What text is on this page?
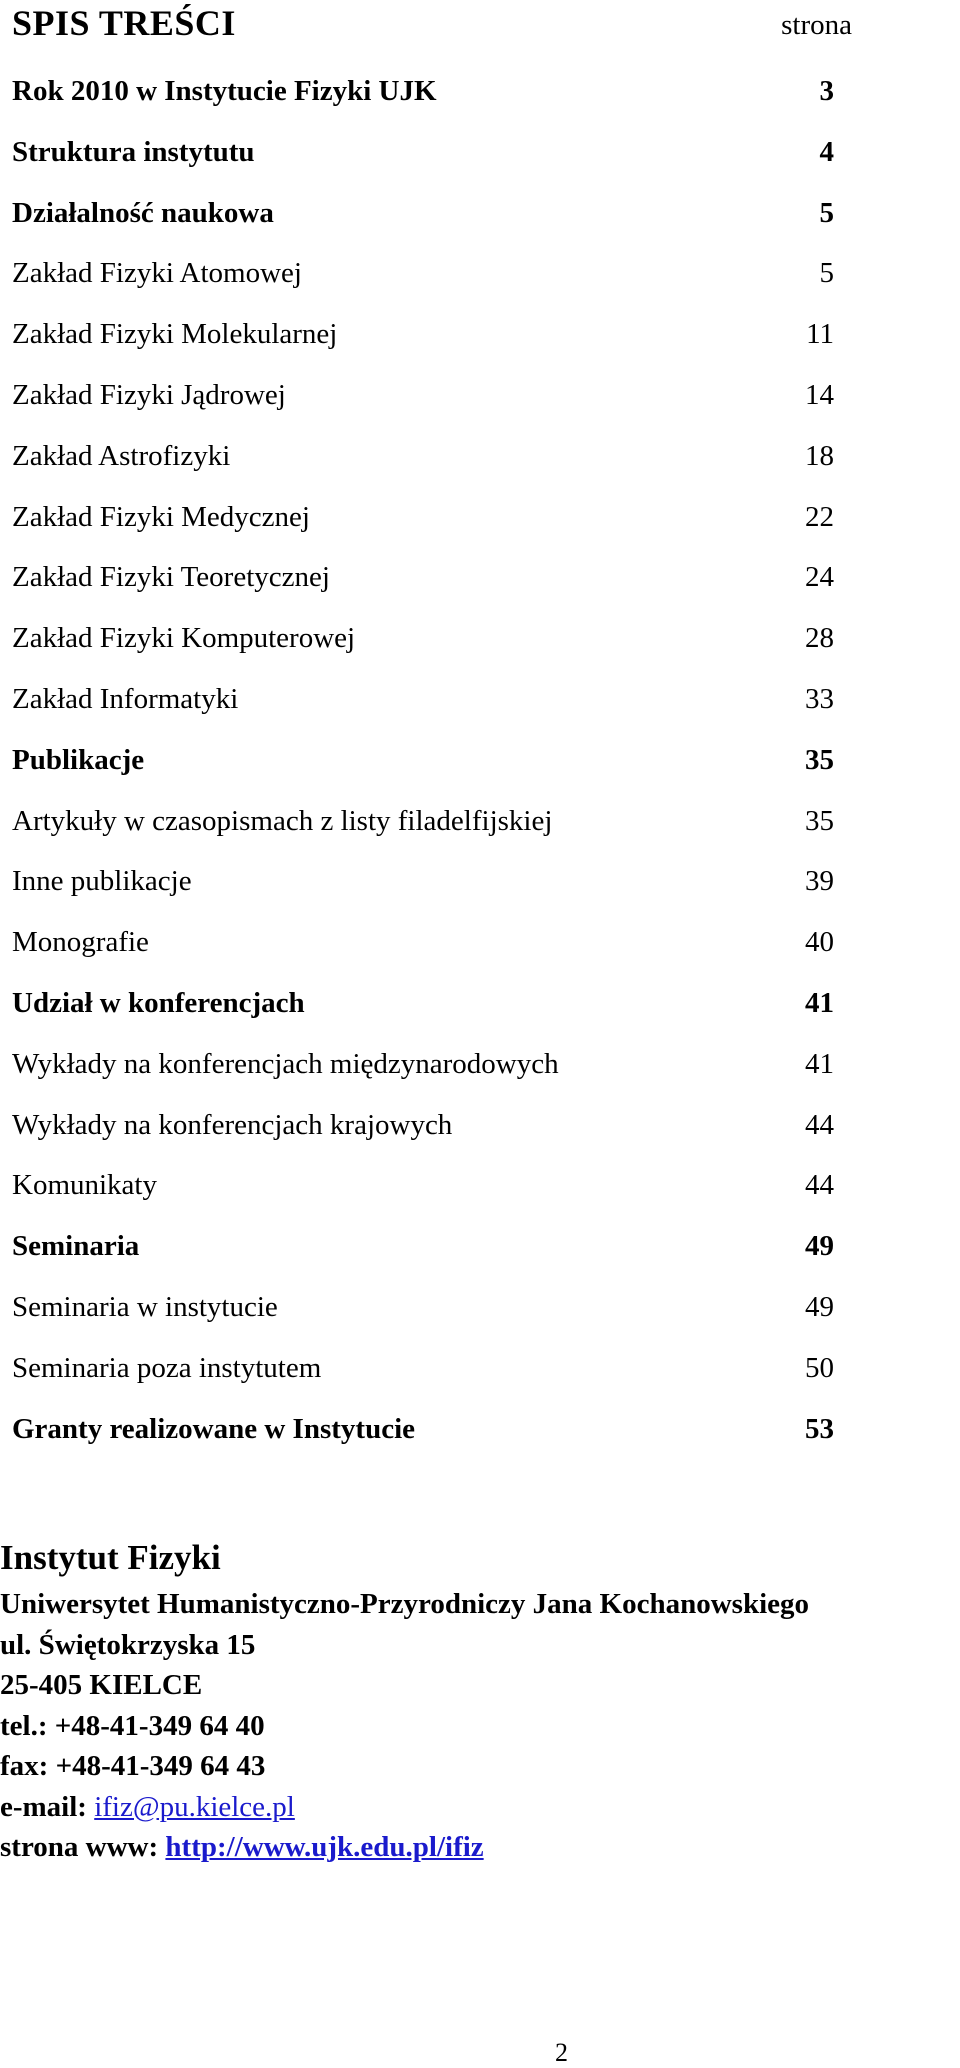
SPIS TREŚCI	strona
Rok 2010 w Instytucie Fizyki UJK	3
Struktura instytutu	4
Działalność naukowa	5
Zakład Fizyki Atomowej	5
Zakład Fizyki Molekularnej	11
Zakład Fizyki Jądrowej	14
Zakład Astrofizyki	18
Zakład Fizyki Medycznej	22
Zakład Fizyki Teoretycznej	24
Zakład Fizyki Komputerowej	28
Zakład Informatyki	33
Publikacje	35
Artykuły w czasopismach z listy filadelfijskiej	35
Inne publikacje	39
Monografie	40
Udział w konferencjach	41
Wykłady na konferencjach międzynarodowych	41
Wykłady na konferencjach krajowych	44
Komunikaty	44
Seminaria	49
Seminaria w instytucie	49
Seminaria poza instytutem	50
Granty realizowane w Instytucie	53
Instytut Fizyki
Uniwersytet Humanistyczno-Przyrodniczy Jana Kochanowskiego
ul. Świętokrzyska 15
25-405 KIELCE
tel.: +48-41-349 64 40
fax: +48-41-349 64 43
e-mail: ifiz@pu.kielce.pl
strona www: http://www.ujk.edu.pl/ifiz
2
